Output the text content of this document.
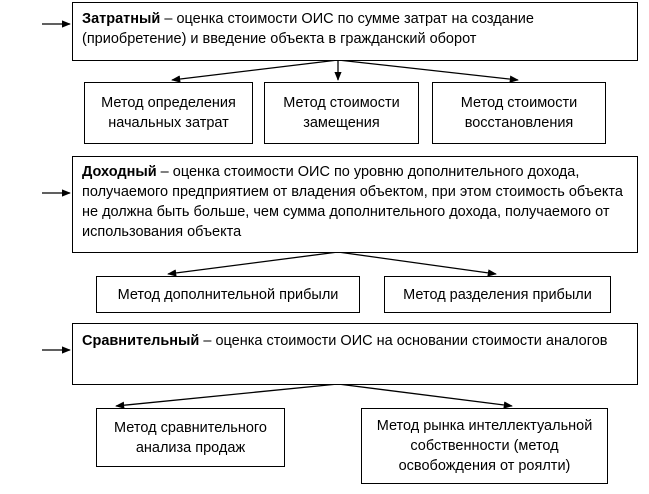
Затратный – оценка стоимости ОИС по сумме затрат на создание (приобретение) и введение объекта в гражданский оборот
Метод определения начальных затрат
Метод стоимости замещения
Метод стоимости восстановления
Доходный – оценка стоимости ОИС по уровню дополнительного дохода, получаемого предприятием от владения объектом, при этом стоимость объекта не должна быть больше, чем сумма дополнительного дохода, получаемого от использования объекта
Метод дополнительной прибыли	Метод разделения прибыли
Сравнительный – оценка стоимости ОИС на основании стоимости аналогов
Метод сравнительного анализа продаж
Метод рынка интеллектуальной собственности (метод освобождения от роялти)
